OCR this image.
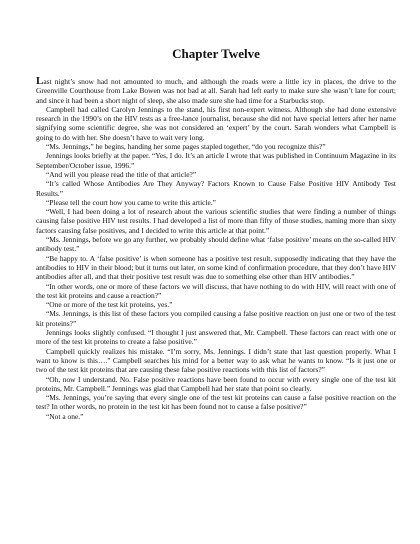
Chapter Twelve

Last night’s snow had not amounted to much, and although the roads were a little icy in places, the drive to the Greenville Courthouse from Lake Bowen was not bad at all. Sarah had left early to make sure she wasn’t late for court; and since it had been a short night of sleep, she also made sure she had time for a Starbucks stop.

Campbell had called Carolyn Jennings to the stand, his first non-expert witness. Although she had done extensive research in the 1990’s on the HIV tests as a free-lance journalist, because she did not have special letters after her name signifying some scientific degree, she was not considered an ‘expert’ by the court. Sarah wonders what Campbell is going to do with her. She doesn’t have to wait very long.

“Ms. Jennings,” he begins, handing her some pages stapled together, “do you recognize this?”

Jennings looks briefly at the paper. “Yes, I do. It’s an article I wrote that was published in Continuum Magazine in its September/October issue, 1996.”

“And will you please read the title of that article?”

“It’s called Whose Antibodies Are They Anyway? Factors Known to Cause False Positive HIV Antibody Test Results.”

“Please tell the court how you came to write this article.”

“Well, I had been doing a lot of research about the various scientific studies that were finding a number of things causing false positive HIV test results. I had developed a list of more than fifty of those studies, naming more than sixty factors causing false positives, and I decided to write this article at that point.”

“Ms. Jennings, before we go any further, we probably should define what ‘false positive’ means on the so-called HIV antibody test.”

“Be happy to. A ‘false positive’ is when someone has a positive test result, supposedly indicating that they have the antibodies to HIV in their blood; but it turns out later, on some kind of confirmation procedure, that they don’t have HIV antibodies after all, and that their positive test result was due to something else other than HIV antibodies.”

“In other words, one or more of these factors we will discuss, that have nothing to do with HIV, will react with one of the test kit proteins and cause a reaction?”

“One or more of the test kit proteins, yes.”

“Ms. Jennings, is this list of these factors you compiled causing a false positive reaction on just one or two of the test kit proteins?”

Jennings looks slightly confused. “I thought I just answered that, Mr. Campbell. These factors can react with one or more of the test kit proteins to create a false positive.”

Campbell quickly realizes his mistake. “I’m sorry, Ms. Jennings. I didn’t state that last question properly. What I want to know is this….” Campbell searches his mind for a better way to ask what he wants to know. “Is it just one or two of the test kit proteins that are causing these false positive reactions with this list of factors?”

“Oh, now I understand. No. False positive reactions have been found to occur with every single one of the test kit proteins, Mr. Campbell.” Jennings was glad that Campbell had her state that point so clearly.

“Ms. Jennings, you’re saying that every single one of the test kit proteins can cause a false positive reaction on the test? In other words, no protein in the test kit has been found not to cause a false positive?”

“Not a one.”
